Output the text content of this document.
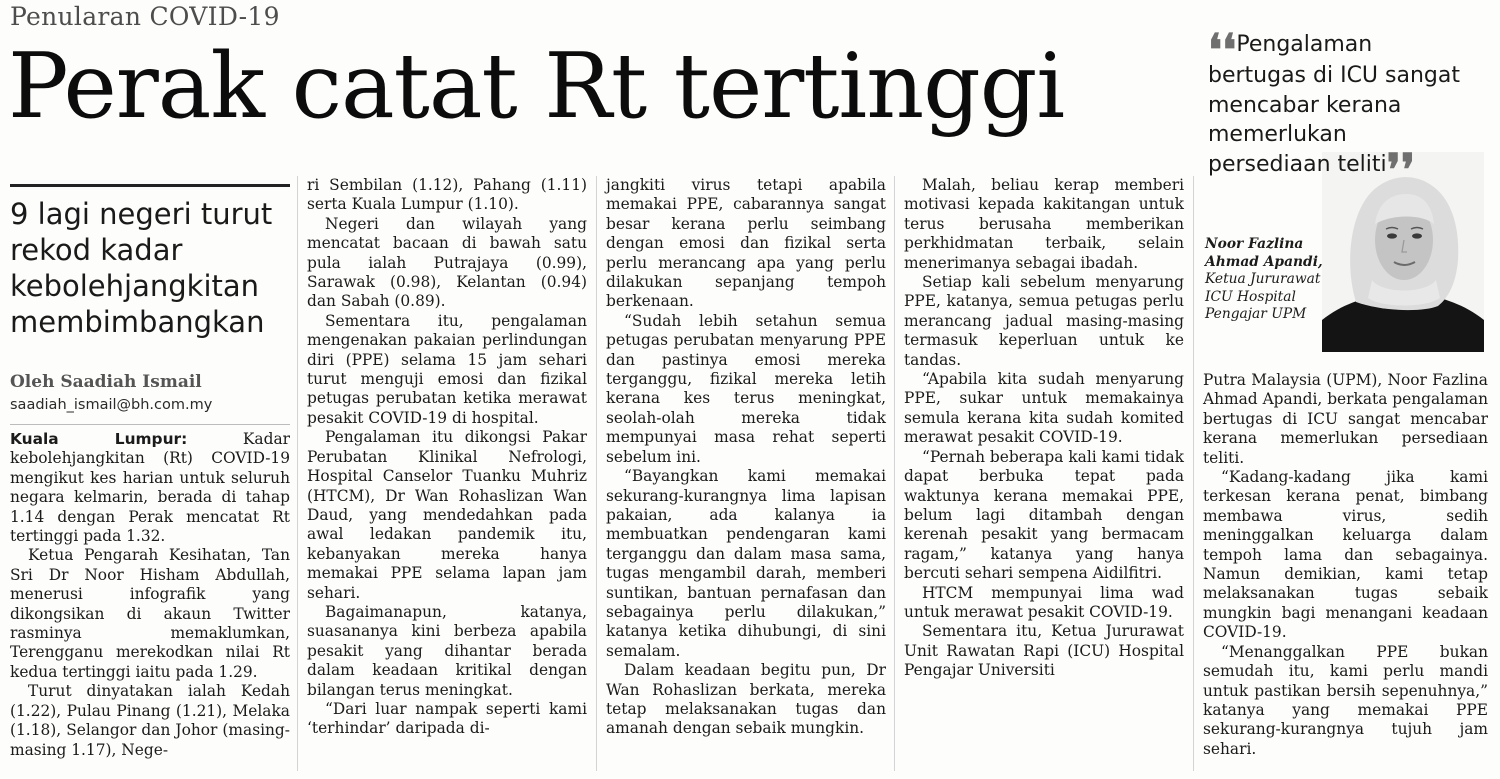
Penularan COVID-19
Perak catat Rt tertinggi
9 lagi negeri turut rekod kadar kebolehjangkitan membimbangkan
Oleh Saadiah Ismail
saadiah_ismail@bh.com.my

Kuala Lumpur:	Kadar kebolehjangkitan (Rt) COVID-19 mengikut kes harian untuk seluruh negara kelmarin, berada di tahap 1.14 dengan Perak mencatat Rt tertinggi pada 1.32.

Ketua Pengarah Kesihatan, Tan Sri Dr Noor Hisham Abdullah, menerusi infografik yang dikongsikan di akaun Twitter rasminya memaklumkan, Terengganu merekodkan nilai Rt kedua tertinggi iaitu pada 1.29.

Turut dinyatakan ialah Kedah (1.22), Pulau Pinang (1.21), Melaka (1.18), Selangor dan Johor (masing-masing 1.17), Nege-

ri Sembilan (1.12), Pahang (1.11) serta Kuala Lumpur (1.10).

Negeri dan wilayah yang mencatat bacaan di bawah satu pula ialah Putrajaya (0.99), Sarawak (0.98), Kelantan (0.94) dan Sabah (0.89).

Sementara itu, pengalaman mengenakan pakaian perlindungan diri (PPE) selama 15 jam sehari turut menguji emosi dan fizikal petugas perubatan ketika merawat pesakit COVID-19 di hospital.

Pengalaman itu dikongsi Pakar Perubatan Klinikal Nefrologi, Hospital Canselor Tuanku Muhriz (HTCM), Dr Wan Rohaslizan Wan Daud, yang mendedahkan pada awal ledakan pandemik itu, kebanyakan mereka hanya memakai PPE selama lapan jam sehari.

Bagaimanapun, katanya, suasananya kini berbeza apabila pesakit yang dihantar berada dalam keadaan kritikal dengan bilangan terus meningkat.

“Dari luar nampak seperti kami ‘terhindar’ daripada di-

jangkiti virus tetapi apabila memakai PPE, cabarannya sangat besar kerana perlu seimbang dengan emosi dan fizikal serta perlu merancang apa yang perlu dilakukan sepanjang tempoh berkenaan.

“Sudah lebih setahun semua petugas perubatan menyarung PPE dan pastinya emosi mereka terganggu, fizikal mereka letih kerana kes terus meningkat, seolah-olah mereka tidak mempunyai masa rehat seperti sebelum ini.

“Bayangkan kami memakai sekurang-kurangnya lima lapisan pakaian, ada kalanya ia membuatkan pendengaran kami terganggu dan dalam masa sama, tugas mengambil darah, memberi suntikan, bantuan pernafasan dan sebagainya perlu dilakukan,” katanya ketika dihubungi, di sini semalam.

Dalam keadaan begitu pun, Dr Wan Rohaslizan berkata, mereka tetap melaksanakan tugas dan amanah dengan sebaik mungkin.

Malah, beliau kerap memberi motivasi kepada kakitangan untuk terus berusaha memberikan perkhidmatan terbaik, selain menerimanya sebagai ibadah.

Setiap kali sebelum menyarung PPE, katanya, semua petugas perlu merancang jadual masing-masing termasuk keperluan untuk ke tandas.

“Apabila kita sudah menyarung PPE, sukar untuk memakainya semula kerana kita sudah komited merawat pesakit COVID-19.

“Pernah beberapa kali kami tidak dapat berbuka tepat pada waktunya kerana memakai PPE, belum lagi ditambah dengan kerenah pesakit yang bermacam ragam,” katanya yang hanya bercuti sehari sempena Aidilfitri.

HTCM mempunyai lima wad untuk merawat pesakit COVID-19.

Sementara itu, Ketua Jururawat Unit Rawatan Rapi (ICU) Hospital Pengajar Universiti

❛❛Pengalaman bertugas di ICU sangat mencabar kerana memerlukan persediaan teliti❜❜
Noor Fazlina
Ahmad Apandi,
Ketua Jururawat
ICU Hospital
Pengajar UPM

Putra Malaysia (UPM), Noor Fazlina Ahmad Apandi, berkata pengalaman bertugas di ICU sangat mencabar kerana memerlukan persediaan teliti.

“Kadang-kadang jika kami terkesan kerana penat, bimbang membawa virus, sedih meninggalkan keluarga dalam tempoh lama dan sebagainya. Namun demikian, kami tetap melaksanakan tugas sebaik mungkin bagi menangani keadaan COVID-19.

“Menanggalkan PPE bukan semudah itu, kami perlu mandi untuk pastikan bersih sepenuhnya,” katanya yang memakai PPE sekurang-kurangnya tujuh jam sehari.
